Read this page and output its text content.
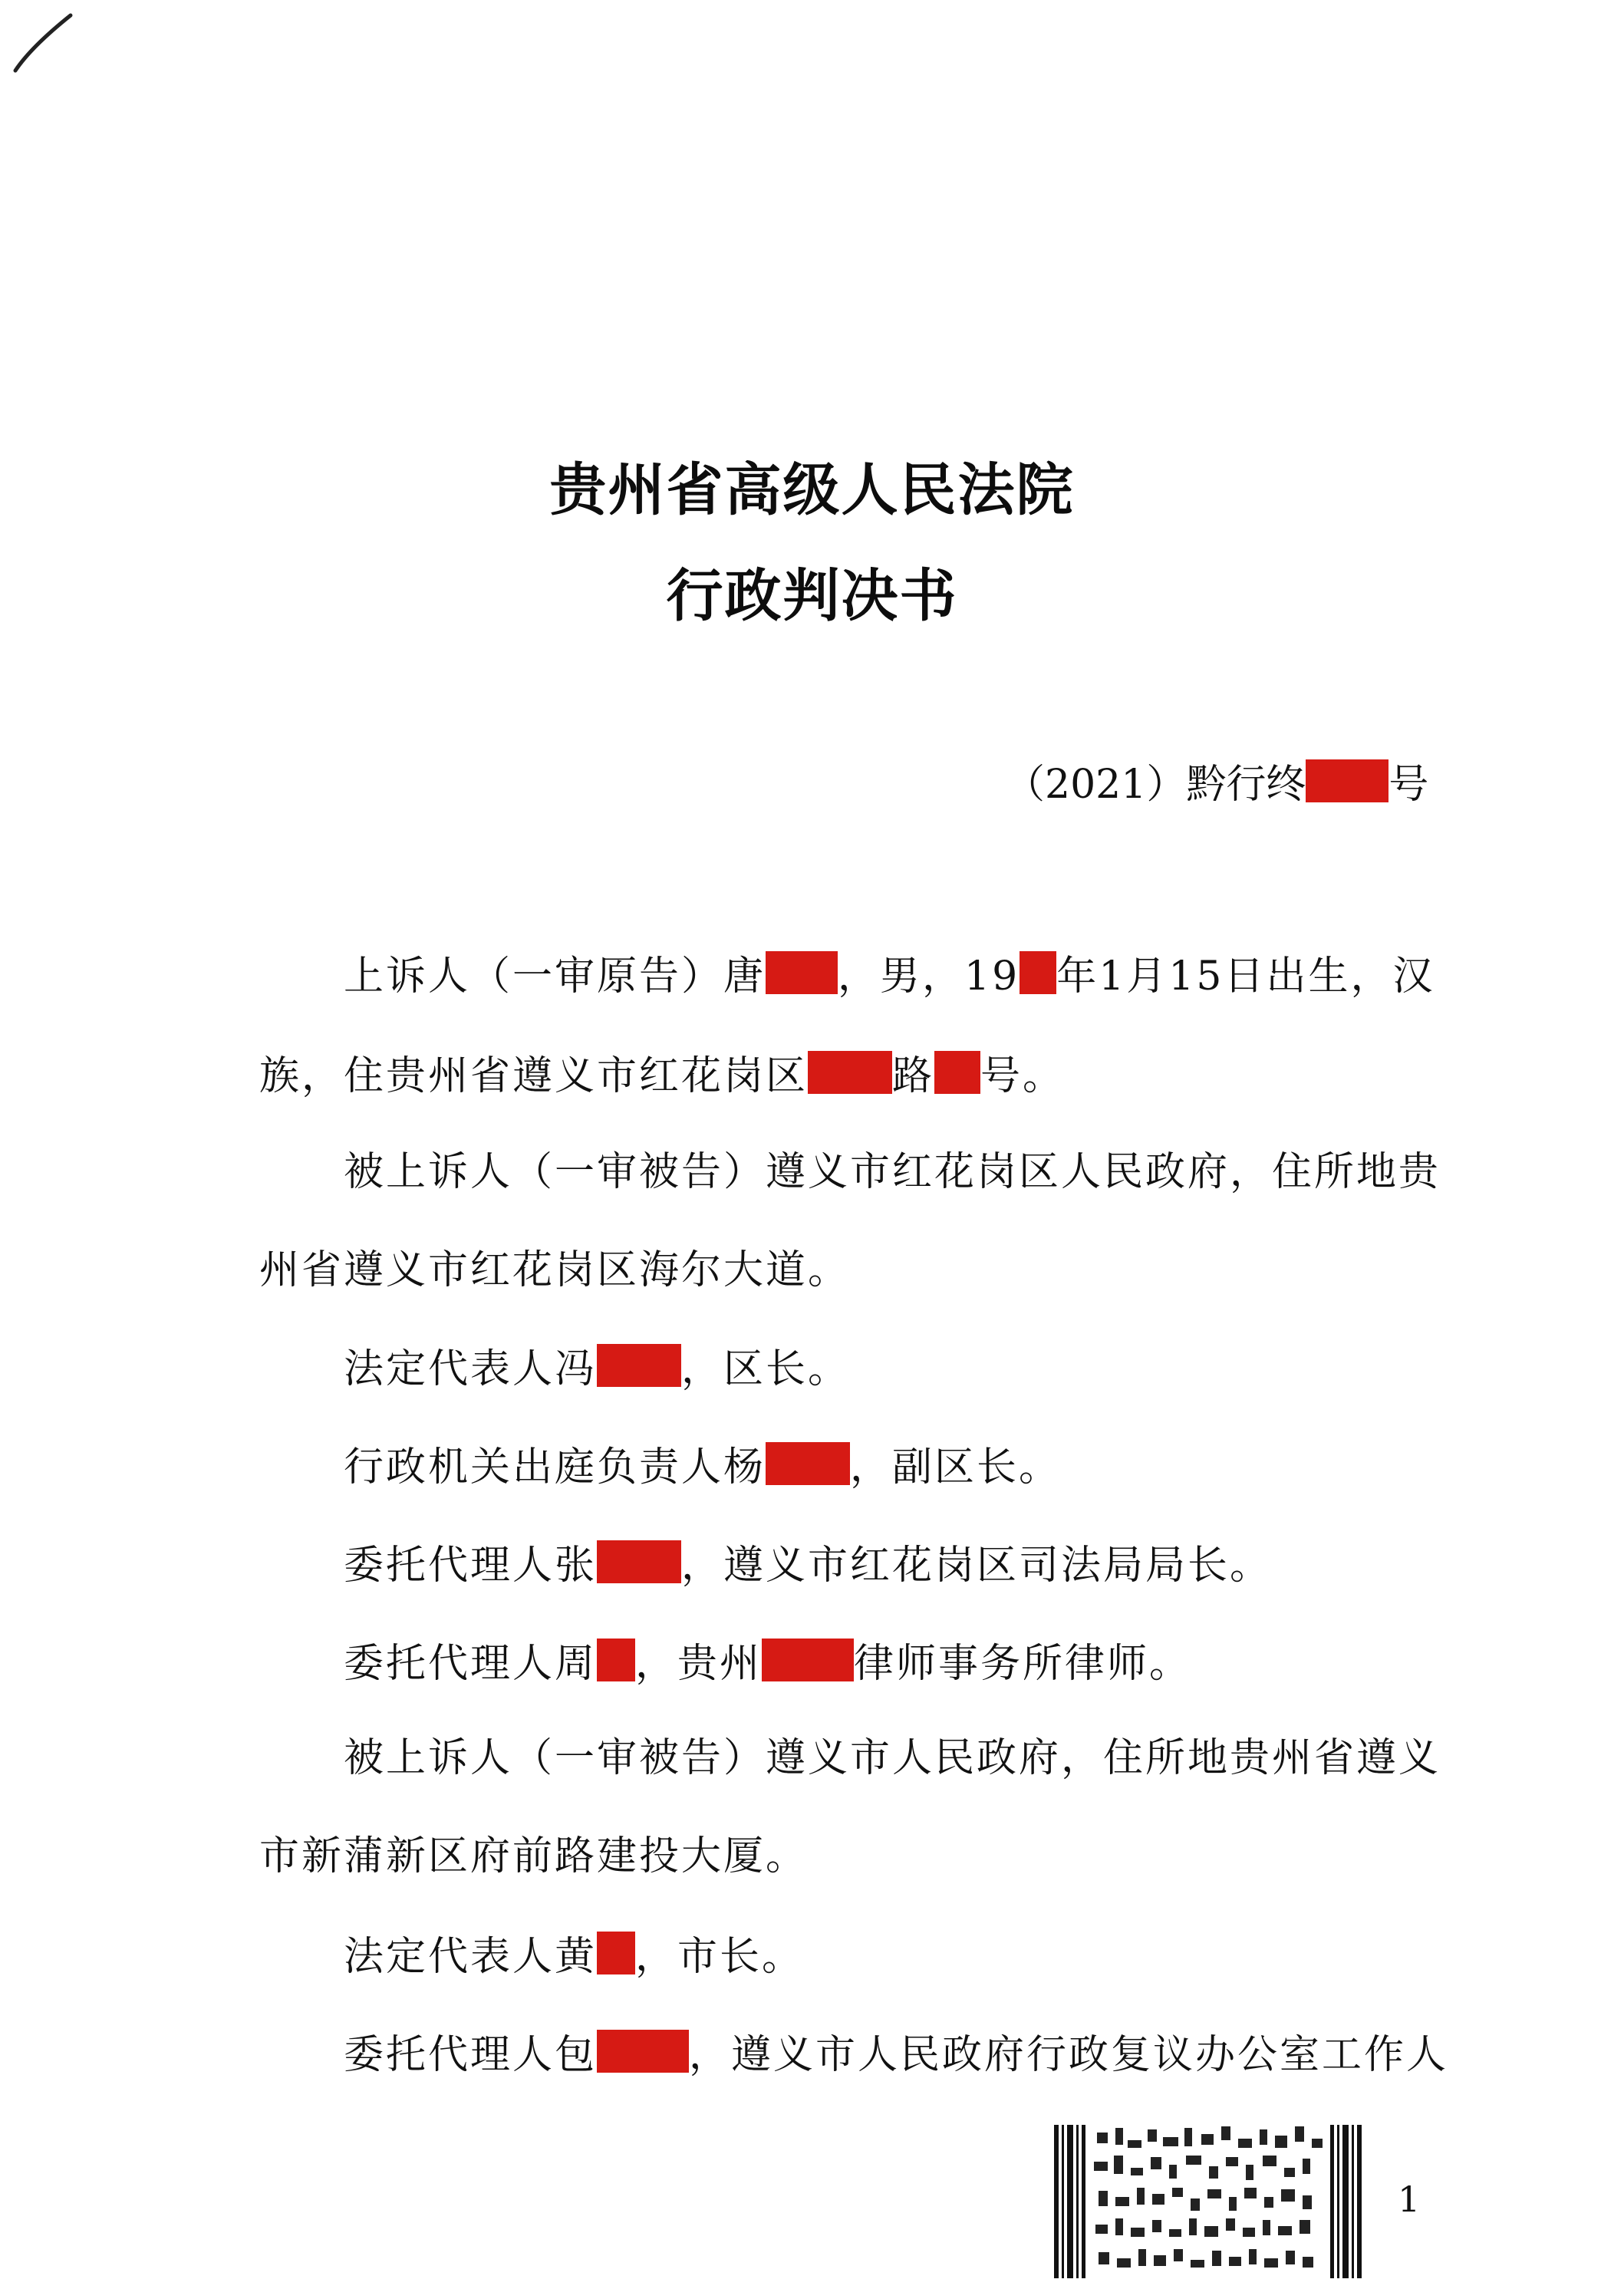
贵州省高级人民法院
行政判决书
（2021）黔行终 号
上诉人（一审原告）唐 ，男，19 年1月15日出生，汉
族，住贵州省遵义市红花岗区 路 号。
被上诉人（一审被告）遵义市红花岗区人民政府，住所地贵
州省遵义市红花岗区海尔大道。
法定代表人冯 ，区长。
行政机关出庭负责人杨 ，副区长。
委托代理人张 ，遵义市红花岗区司法局局长。
委托代理人周 ，贵州 律师事务所律师。
被上诉人（一审被告）遵义市人民政府，住所地贵州省遵义
市新蒲新区府前路建投大厦。
法定代表人黄 ，市长。
委托代理人包 ，遵义市人民政府行政复议办公室工作人
1
